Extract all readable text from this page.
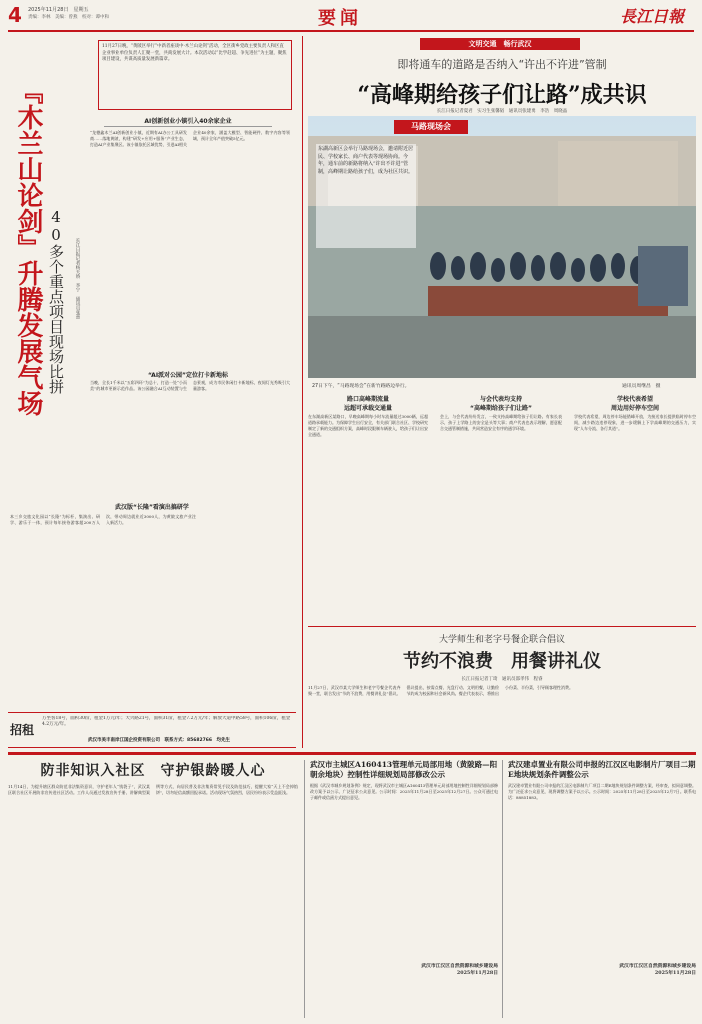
4 2025年11月28日　星期五
责编：李林　美编：曾燕　校对：谭中和	要闻	長江日報
11月27日晚，“黄陂区举行”中新者座谈中·木兰山论剑”活动，全区街乡党政主要负责人和区直企业事业单位负责人汇聚一堂，共商发展大计。本次活动以“比学赶超、争先进位”为主题，聚焦项目建设，共谋高质量发展新篇章。
『木兰山论剑』升腾发展气场 40多个重点项目现场比拼 长江日报记者杨天娇　李宁　通讯员张蕾
AI创新创业小镇引入40余家企业
“龙德鑫木兰AI创新创业小镇，近期有AI办公工具研发商……落地黄陂，构建“研发+应用+服务”产业生态，打造AI产业集聚区。该小镇依托区域优势，引进AI相关企业40余家，涵盖大模型、智能硬件、数字内容等领域，预计全年产值突破5亿元。
“AI派对公园”定位打卡新地标
当晚，全长1千米以“五彩四环”为总十，打造一处“小而美”的城市更新示范作品。该公园融合AI互动装置与生态景观，成为市民休闲打卡新地标，夜间灯光秀吸引大量游客。
武汉版“长隆”看演出搞研学
本三乡交旅文化园以“长隆”为标杆，集演出、研学、游乐于一体，预计每年接待游客超200万人次，带动周边就业近3000人，为黄陂文旅产业注入新活力。
招租
万坐客18号，面积30㎡，租金1万元/年；大兴路21号，面积31㎡，租金7.2万元/年；解放大道中路58号，面积106㎡，租金4.2万元/年。
武汉市美丰南岸江国企投资有限公司　联系方式：85682766　均先生
文明交通　畅行武汉
即将通车的道路是否纳入“许出不许进”管制
“高峰期给孩子们让路”成共识
长江日报记者夏君　实习生张馨韬　通讯员张建勇　李浩　周晓晶
马路现场会
东湖高新区会举行马路现场会，邀请附近居民、学校家长、商户代表等现场协商。今年，通车前的新路将纳入“许出不许进”管制，高峰期让路给孩子们，成为社区共识。
27日下午，“马路现场会”在新竹路路边举行。	通讯员周继昌　摄
路口高峰期流量
远超可承载交通量
在东湖高新区某路口，早晚高峰期每小时车流量超过3000辆，远超道路承载能力。为保障学生出行安全，有关部门联合社区、学校研究制定了新的交通组织方案，高峰时段限制车辆驶入，给孩子们让出安全通道。
与会代表均支持
“高峰期给孩子们让路”
会上，与会代表纷纷发言，一致支持高峰期给孩子们让路。有家长表示，孩子上学路上的安全是头等大事；商户代表也表示理解，愿意配合交通管制措施，共同营造安全有序的通学环境。
学校代表希望
周边用好停车空间
学校代表希望，周边停车场能错峰开放，为接送家长提供临时停车空间，减少路边违停现象，进一步缓解上下学高峰期的交通压力，实现“人车分流、各行其道”。
大学师生和老字号餐企联合倡议
节约不浪费　用餐讲礼仪
长江日报记者丁琦　通讯员邵孝伟　程睿
11月27日，武汉市某大学师生和老字号餐企代表齐聚一堂，联合发出“节约不浪费，用餐讲礼仪”倡议。倡议提出，按需点餐、光盘行动、文明用餐，让勤俭节约成为校园和社会新风尚。餐企代表表示，将推出小份菜、半份菜，引导顾客理性消费。
防非知识入社区　守护银龄暖人心
11月14日，为提升辖区群众防范非法集资意识，守护老年人“钱袋子”，武汉某区联合社区开展防非宣传进社区活动。工作人员通过发放宣传手册、讲解典型案例等方式，向居民普及非法集资常见手段及防范技巧，提醒大家“天上不会掉馅饼”，切勿轻信高额回报承诺。活动现场气氛热烈，居民纷纷表示受益匪浅。
武汉市主城区A160413管理单元局部用地（黄陂路—阳朝余地块）控制性详细规划局部修改公示
根据《武汉市城乡规划条例》规定，现将武汉市主城区A160413管理单元局部用地控制性详细规划局部修改方案予以公示，广泛征求公众意见。公示时间：2025年11月28日至2025年12月27日。公众可通过电子邮件或信函方式提出意见。
武汉市江汉区自然资源和城乡建设局
2025年11月28日
武汉建卓置业有限公司申报的江汉区电影制片厂项目二期E地块规划条件调整公示
武汉建卓置业有限公司申报的江汉区电影制片厂项目二期E地块规划条件调整方案，经审查，拟同意调整。为广泛征求公众意见，现将调整方案予以公示。公示时间：2025年11月28日至2025年12月7日。联系电话：88851883。
武汉市江汉区自然资源和城乡建设局
2025年11月28日
